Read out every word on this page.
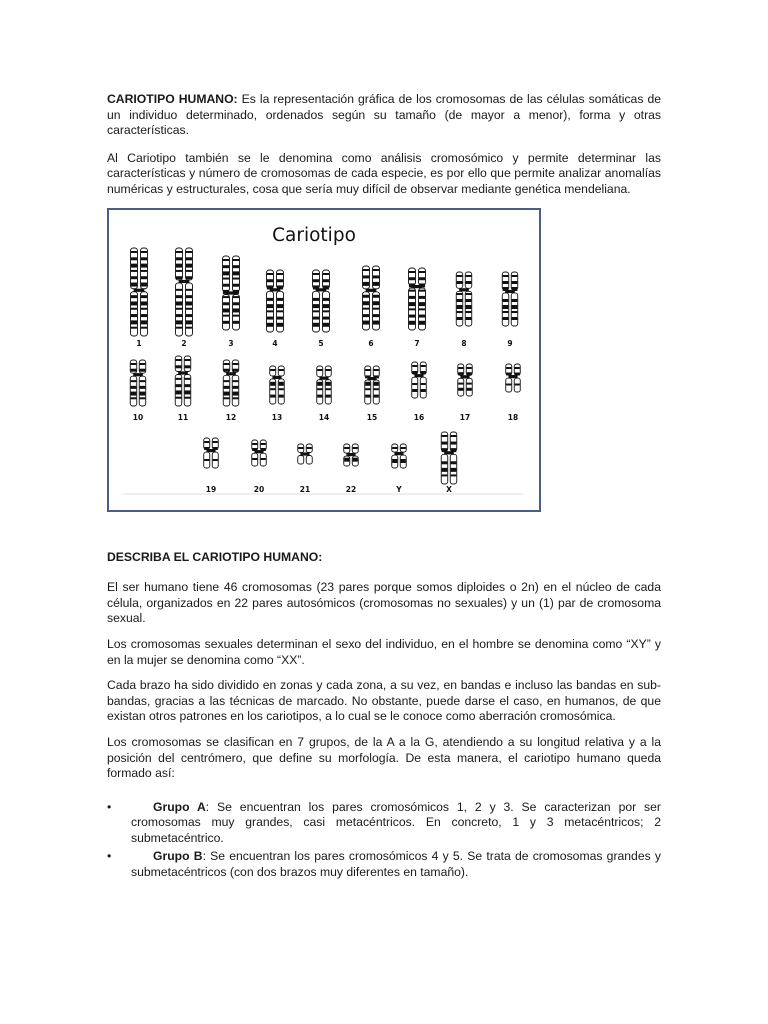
CARIOTIPO HUMANO: Es la representación gráfica de los cromosomas de las células somáticas de un individuo determinado, ordenados según su tamaño (de mayor a menor), forma y otras características.

Al Cariotipo también se le denomina como análisis cromosómico y permite determinar las características y número de cromosomas de cada especie, es por ello que permite analizar anomalías numéricas y estructurales, cosa que sería muy difícil de observar mediante genética mendeliana.

Cariotipo
1	2	3	4	5	6	7	8	9
10	11	12	13	14	15	16	17	18
19	20	21	22	Y	X

DESCRIBA EL CARIOTIPO HUMANO:

El ser humano tiene 46 cromosomas (23 pares porque somos diploides o 2n) en el núcleo de cada célula, organizados en 22 pares autosómicos (cromosomas no sexuales) y un (1) par de cromosoma sexual.

Los cromosomas sexuales determinan el sexo del individuo, en el hombre se denomina como “XY” y en la mujer se denomina como “XX”.

Cada brazo ha sido dividido en zonas y cada zona, a su vez, en bandas e incluso las bandas en sub-bandas, gracias a las técnicas de marcado. No obstante, puede darse el caso, en humanos, de que existan otros patrones en los cariotipos, a lo cual se le conoce como aberración cromosómica.

Los cromosomas se clasifican en 7 grupos, de la A a la G, atendiendo a su longitud relativa y a la posición del centrómero, que define su morfología. De esta manera, el cariotipo humano queda formado así:

•	Grupo A: Se encuentran los pares cromosómicos 1, 2 y 3. Se caracterizan por ser cromosomas muy grandes, casi metacéntricos. En concreto, 1 y 3 metacéntricos; 2 submetacéntrico.
•	Grupo B: Se encuentran los pares cromosómicos 4 y 5. Se trata de cromosomas grandes y submetacéntricos (con dos brazos muy diferentes en tamaño).
